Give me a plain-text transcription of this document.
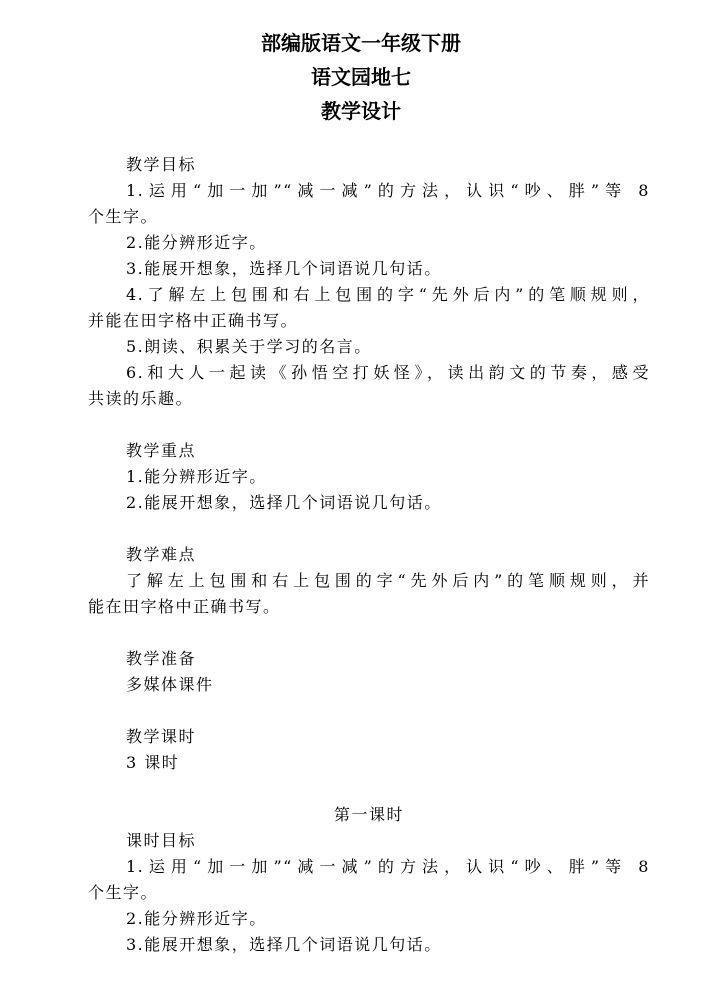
部编版语文一年级下册
语文园地七
教学设计
教学目标
1.运用“加一加”“减一减”的方法，认识“吵、胖”等 8
个生字。
2.能分辨形近字。
3.能展开想象，选择几个词语说几句话。
4.了解左上包围和右上包围的字“先外后内”的笔顺规则，
并能在田字格中正确书写。
5.朗读、积累关于学习的名言。
6.和大人一起读《孙悟空打妖怪》，读出韵文的节奏，感受
共读的乐趣。
教学重点
1.能分辨形近字。
2.能展开想象，选择几个词语说几句话。
教学难点
了解左上包围和右上包围的字“先外后内”的笔顺规则，并
能在田字格中正确书写。
教学准备
多媒体课件
教学课时
3 课时
第一课时
课时目标
1.运用“加一加”“减一减”的方法，认识“吵、胖”等 8
个生字。
2.能分辨形近字。
3.能展开想象，选择几个词语说几句话。
